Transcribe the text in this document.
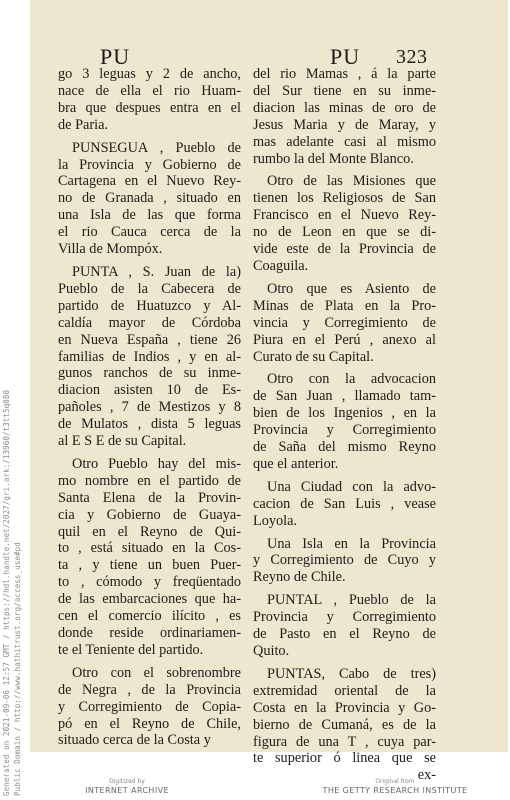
Generated on 2021-09-06 12:57 GMT / https://hdl.handle.net/2027/gri.ark:/13960/t3tt5q080 Public Domain / http://www.hathitrust.org/access_use#pd
PU	PU 323
go 3 leguas y 2 de ancho,
nace de ella el rio Huam-
bra que despues entra en el
de Paria.
PUNSEGUA , Pueblo de
la Provincia y Gobierno de
Cartagena en el Nuevo Rey-
no de Granada , situado en
una Isla de las que forma
el rio Cauca cerca de la
Villa de Mompóx.
PUNTA , S. Juan de la)
Pueblo de la Cabecera de
partido de Huatuzco y Al-
caldía mayor de Córdoba
en Nueva España , tiene 26
familias de Indios , y en al-
gunos ranchos de su inme-
diacion asisten 10 de Es-
pañoles , 7 de Mestizos y 8
de Mulatos , dista 5 leguas
al E S E de su Capital.
Otro Pueblo hay del mis-
mo nombre en el partido de
Santa Elena de la Provin-
cia y Gobierno de Guaya-
quil en el Reyno de Qui-
to , está situado en la Cos-
ta , y tiene un buen Puer-
to , cómodo y freqüentado
de las embarcaciones que ha-
cen el comercio ilícito , es
donde reside ordinariamen-
te el Teniente del partido.
Otro con el sobrenombre
de Negra , de la Provincia
y Corregimiento de Copia-
pó en el Reyno de Chile,
situado cerca de la Costa y
del rio Mamas , á la parte
del Sur tiene en su inme-
diacion las minas de oro de
Jesus Maria y de Maray, y
mas adelante casi al mismo
rumbo la del Monte Blanco.
Otro de las Misiones que
tienen los Religiosos de San
Francisco en el Nuevo Rey-
no de Leon en que se di-
vide este de la Provincia de
Coaguila.
Otro que es Asiento de
Minas de Plata en la Pro-
vincia y Corregimiento de
Piura en el Perú , anexo al
Curato de su Capital.
Otro con la advocacion
de San Juan , llamado tam-
bien de los Ingenios , en la
Provincia y Corregimiento
de Saña del mismo Reyno
que el anterior.
Una Ciudad con la advo-
cacion de San Luis , vease
Loyola.
Una Isla en la Provincia
y Corregimiento de Cuyo y
Reyno de Chile.
PUNTAL , Pueblo de la
Provincia y Corregimiento
de Pasto en el Reyno de
Quito.
PUNTAS, Cabo de tres)
extremidad oriental de la
Costa en la Provincia y Go-
bierno de Cumaná, es de la
figura de una T , cuya par-
te superior ó linea que se
ex-
Digitized by
INTERNET ARCHIVE
Original from
THE GETTY RESEARCH INSTITUTE
